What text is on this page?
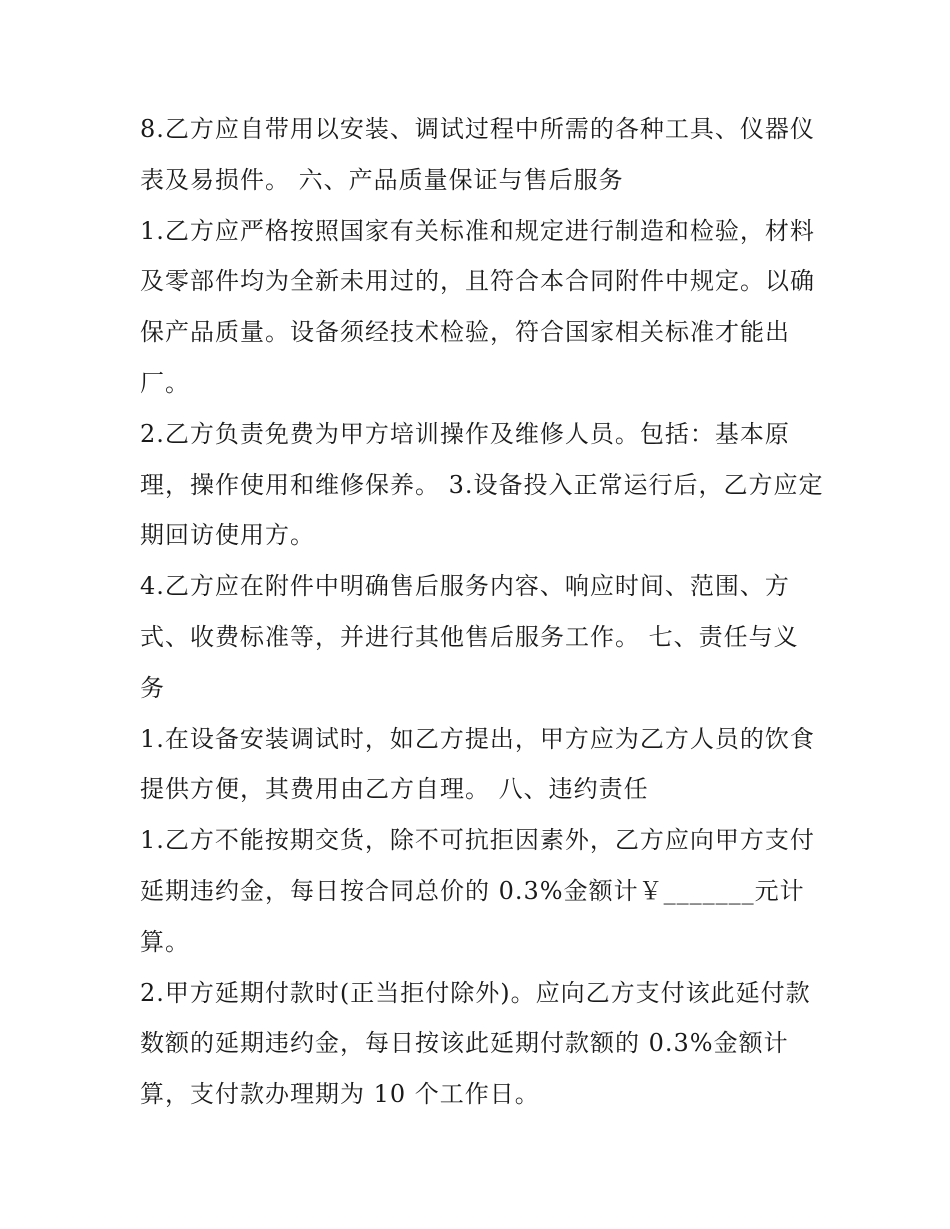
8.乙方应自带用以安装、调试过程中所需的各种工具、仪器仪
表及易损件。 六、产品质量保证与售后服务
1.乙方应严格按照国家有关标准和规定进行制造和检验，材料
及零部件均为全新未用过的，且符合本合同附件中规定。以确
保产品质量。设备须经技术检验，符合国家相关标准才能出
厂。
2.乙方负责免费为甲方培训操作及维修人员。包括：基本原
理，操作使用和维修保养。 3.设备投入正常运行后，乙方应定
期回访使用方。
4.乙方应在附件中明确售后服务内容、响应时间、范围、方
式、收费标准等，并进行其他售后服务工作。 七、责任与义
务
1.在设备安装调试时，如乙方提出，甲方应为乙方人员的饮食
提供方便，其费用由乙方自理。 八、违约责任
1.乙方不能按期交货，除不可抗拒因素外，乙方应向甲方支付
延期违约金，每日按合同总价的 0.3%金额计￥_______元计
算。
2.甲方延期付款时(正当拒付除外)。应向乙方支付该此延付款
数额的延期违约金，每日按该此延期付款额的 0.3%金额计
算，支付款办理期为 10 个工作日。
